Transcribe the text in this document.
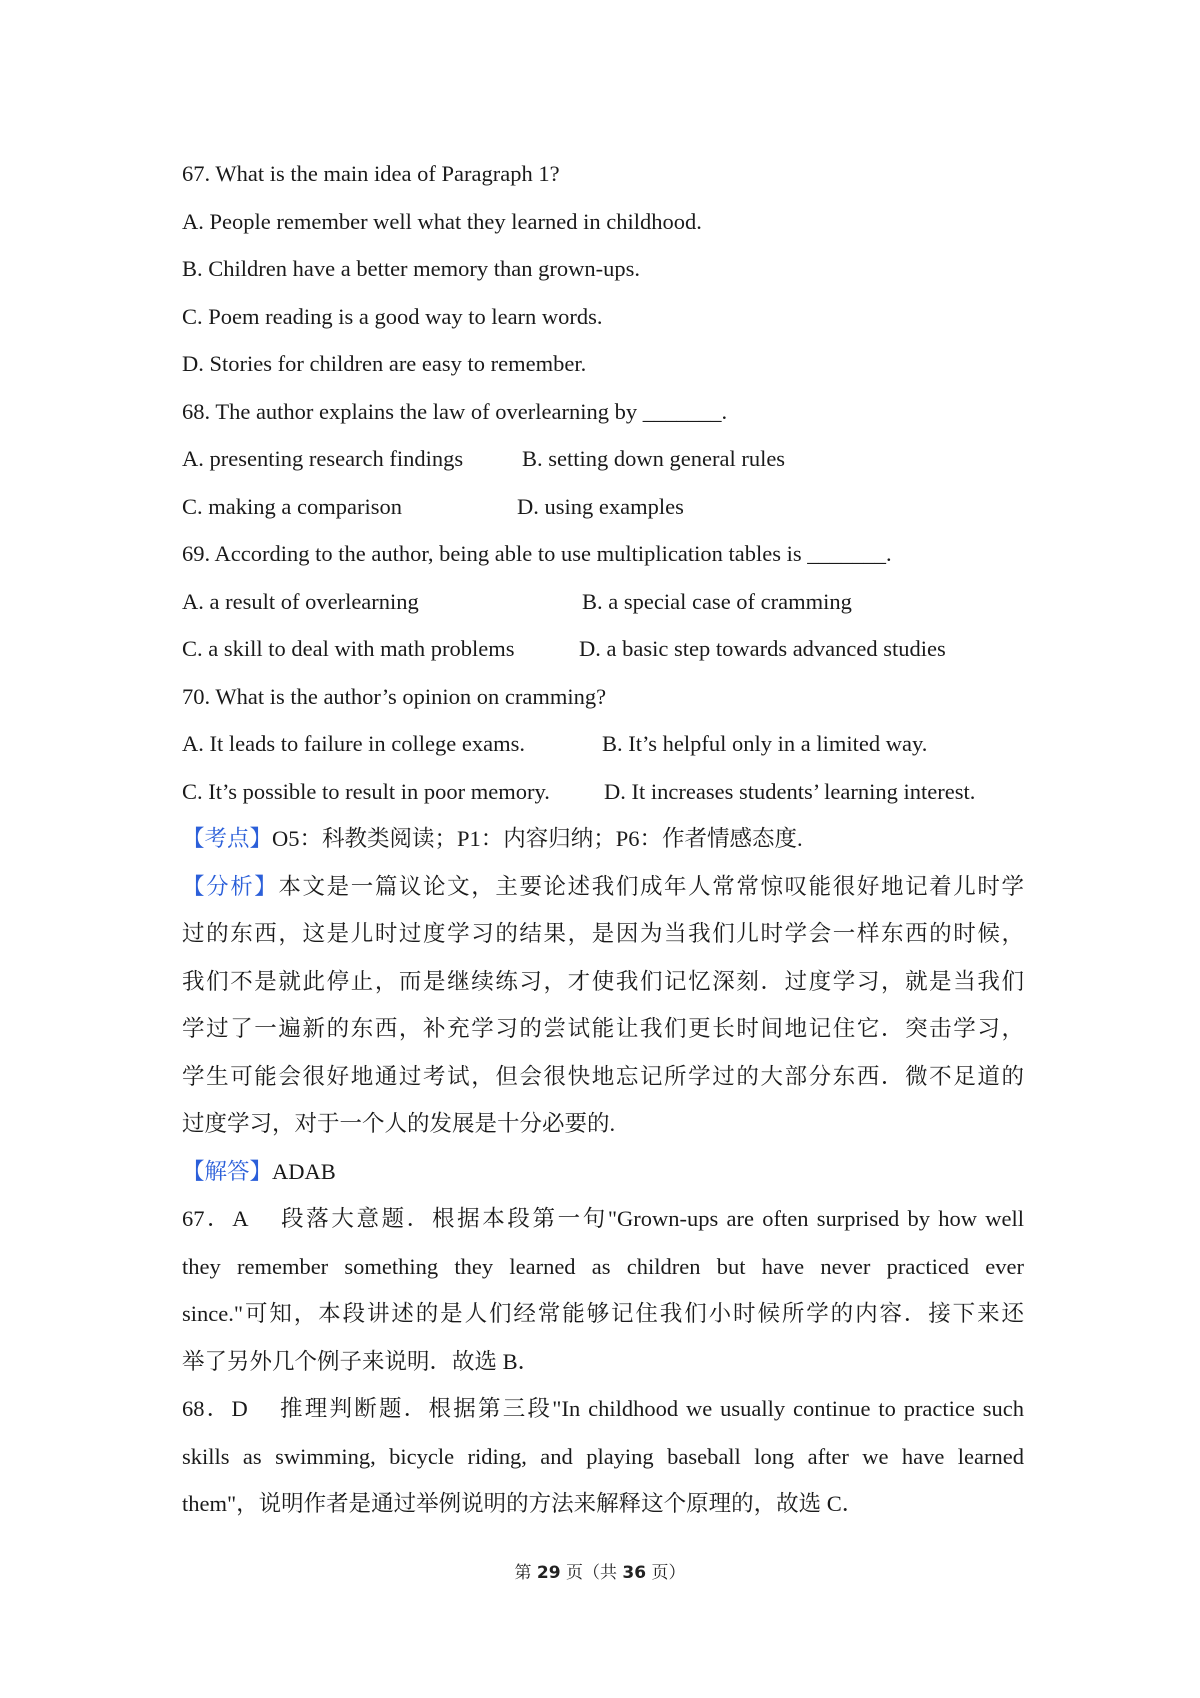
67. What is the main idea of Paragraph 1?
A. People remember well what they learned in childhood.
B. Children have a better memory than grown-ups.
C. Poem reading is a good way to learn words.
D. Stories for children are easy to remember.
68. The author explains the law of overlearning by _______.
A. presenting research findings	B. setting down general rules
C. making a comparison	D. using examples
69. According to the author, being able to use multiplication tables is _______.
A. a result of overlearning	B. a special case of cramming
C. a skill to deal with math problems	D. a basic step towards advanced studies
70. What is the author’s opinion on cramming?
A. It leads to failure in college exams.	B. It’s helpful only in a limited way.
C. It’s possible to result in poor memory.	D. It increases students’ learning interest.
【考点】O5：科教类阅读；P1：内容归纳；P6：作者情感态度.
【分析】本文是一篇议论文，主要论述我们成年人常常惊叹能很好地记着儿时学
过的东西，这是儿时过度学习的结果，是因为当我们儿时学会一样东西的时候，
我们不是就此停止，而是继续练习，才使我们记忆深刻．过度学习，就是当我们
学过了一遍新的东西，补充学习的尝试能让我们更长时间地记住它．突击学习，
学生可能会很好地通过考试，但会很快地忘记所学过的大部分东西．微不足道的
过度学习，对于一个人的发展是十分必要的.
【解答】ADAB
67．A 段落大意题．根据本段第一句"Grown-ups are often surprised by how well
they remember something they learned as children but have never practiced ever
since."可知，本段讲述的是人们经常能够记住我们小时候所学的内容．接下来还
举了另外几个例子来说明．故选 B．
68．D 推理判断题．根据第三段"In childhood we usually continue to practice such
skills as swimming, bicycle riding, and playing baseball long after we have learned
them"，说明作者是通过举例说明的方法来解释这个原理的，故选 C．
第 29 页（共 36 页）
